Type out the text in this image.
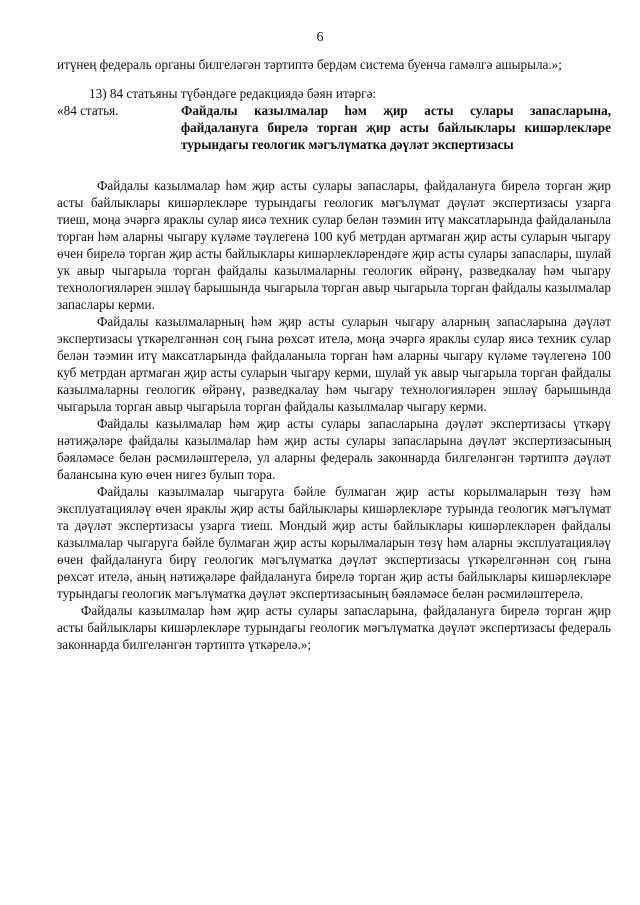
6

итүнең федераль органы билгеләгән тәртиптә бердәм система буенча гамәлгә ашырыла.»;

13) 84 статьяны түбәндәге редакциядә бәян итәргә:

«84 статья.	Файдалы казылмалар һәм җир асты сулары запасларына, файдалануга бирелә торган җир асты байлыклары кишәрлекләре турындагы геологик мәгълүматка дәүләт экспертизасы

Файдалы казылмалар һәм җир асты сулары запаслары, файдалануга бирелә торган җир асты байлыклары кишәрлекләре турындагы геологик мәгълүмат дәүләт экспертизасы узарга тиеш, моңа эчәргә яраклы сулар яисә техник сулар белән тәэмин итү максатларында файдаланыла торган һәм аларны чыгару күләме тәүлегенә 100 куб метрдан артмаган җир асты суларын чыгару өчен бирелә торган җир асты байлыклары кишәрлекләрендәге җир асты сулары запаслары, шулай ук авыр чыгарыла торган файдалы казылмаларны геологик өйрәнү, разведкалау һәм чыгару технологияләрен эшләү барышында чыгарыла торган авыр чыгарыла торган файдалы казылмалар запаслары керми.

Файдалы казылмаларның һәм җир асты суларын чыгару аларның запасларына дәүләт экспертизасы үткәрелгәннән соң гына рөхсәт ителә, моңа эчәргә яраклы сулар яисә техник сулар белән тәэмин итү максатларында файдаланыла торган һәм аларны чыгару күләме тәүлегенә 100 куб метрдан артмаган җир асты суларын чыгару керми, шулай ук авыр чыгарыла торган файдалы казылмаларны геологик өйрәнү, разведкалау һәм чыгару технологияләрен эшләү барышында чыгарыла торган авыр чыгарыла торган файдалы казылмалар чыгару керми.

Файдалы казылмалар һәм җир асты сулары запасларына дәүләт экспертизасы үткәрү нәтиҗәләре файдалы казылмалар һәм җир асты сулары запасларына дәүләт экспертизасының бәяләмәсе белән рәсмиләштерелә, ул аларны федераль законнарда билгеләнгән тәртиптә дәүләт балансына кую өчен нигез булып тора.

Файдалы казылмалар чыгаруга бәйле булмаган җир асты корылмаларын төзү һәм эксплуатацияләү өчен яраклы җир асты байлыклары кишәрлекләре турында геологик мәгълүмат та дәүләт экспертизасы узарга тиеш. Мондый җир асты байлыклары кишәрлекләрен файдалы казылмалар чыгаруга бәйле булмаган җир асты корылмаларын төзү һәм аларны эксплуатацияләү өчен файдалануга бирү геологик мәгълүматка дәүләт экспертизасы үткәрелгәннән соң гына рөхсәт ителә, аның нәтиҗәләре файдалануга бирелә торган җир асты байлыклары кишәрлекләре турындагы геологик мәгълүматка дәүләт экспертизасының бәяләмәсе белән рәсмиләштерелә.

Файдалы казылмалар һәм җир асты сулары запасларына, файдалануга бирелә торган җир асты байлыклары кишәрлекләре турындагы геологик мәгълүматка дәүләт экспертизасы федераль законнарда билгеләнгән тәртиптә үткәрелә.»;
